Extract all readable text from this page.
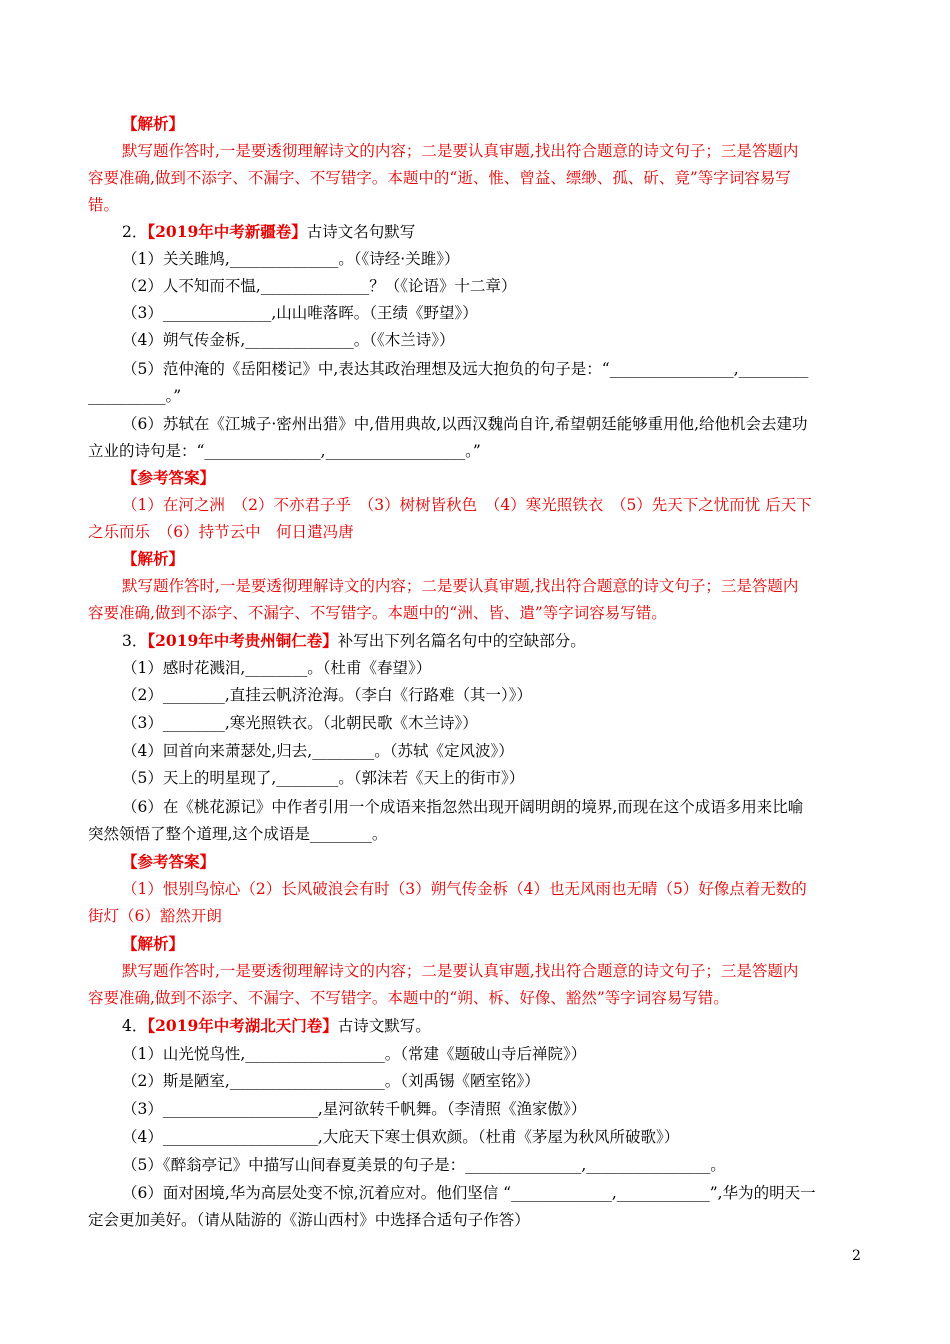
【解析】
默写题作答时,一是要透彻理解诗文的内容；二是要认真审题,找出符合题意的诗文句子；三是答题内
容要准确,做到不添字、不漏字、不写错字。本题中的“逝、惟、曾益、缥缈、孤、斫、竟”等字词容易写
错。
2．【2019年中考新疆卷】古诗文名句默写
（1）关关雎鸠,______________。（《诗经·关雎》）
（2）人不知而不愠,______________？（《论语》十二章）
（3）______________,山山唯落晖。（王绩《野望》）
（4）朔气传金柝,______________。（《木兰诗》）
（5）范仲淹的《岳阳楼记》中,表达其政治理想及远大抱负的句子是：“________________,_________
__________。”
（6）苏轼在《江城子·密州出猎》中,借用典故,以西汉魏尚自许,希望朝廷能够重用他,给他机会去建功
立业的诗句是：“_______________,__________________。”
【参考答案】
（1）在河之洲　（2）不亦君子乎　（3）树树皆秋色　（4）寒光照铁衣　（5）先天下之忧而忧 后天下
之乐而乐　（6）持节云中　何日遣冯唐
【解析】
默写题作答时,一是要透彻理解诗文的内容；二是要认真审题,找出符合题意的诗文句子；三是答题内
容要准确,做到不添字、不漏字、不写错字。本题中的“洲、皆、遣”等字词容易写错。
3．【2019年中考贵州铜仁卷】补写出下列名篇名句中的空缺部分。
（1）感时花溅泪,________。（杜甫《春望》）
（2）________,直挂云帆济沧海。（李白《行路难（其一）》）
（3）________,寒光照铁衣。（北朝民歌《木兰诗》）
（4）回首向来萧瑟处,归去,________。（苏轼《定风波》）
（5）天上的明星现了,________。（郭沫若《天上的街市》）
（6）在《桃花源记》中作者引用一个成语来指忽然出现开阔明朗的境界,而现在这个成语多用来比喻
突然领悟了整个道理,这个成语是________。
【参考答案】
（1）恨别鸟惊心（2）长风破浪会有时（3）朔气传金柝（4）也无风雨也无晴（5）好像点着无数的
街灯（6）豁然开朗
【解析】
默写题作答时,一是要透彻理解诗文的内容；二是要认真审题,找出符合题意的诗文句子；三是答题内
容要准确,做到不添字、不漏字、不写错字。本题中的“朔、柝、好像、豁然”等字词容易写错。
4．【2019年中考湖北天门卷】古诗文默写。
（1）山光悦鸟性,__________________。（常建《题破山寺后禅院》）
（2）斯是陋室,____________________。（刘禹锡《陋室铭》）
（3）____________________,星河欲转千帆舞。（李清照《渔家傲》）
（4）____________________,大庇天下寒士俱欢颜。（杜甫《茅屋为秋风所破歌》）
（5）《醉翁亭记》中描写山间春夏美景的句子是：_______________,________________。
（6）面对困境,华为高层处变不惊,沉着应对。他们坚信 “_____________,____________”,华为的明天一
定会更加美好。（请从陆游的《游山西村》中选择合适句子作答）
2
